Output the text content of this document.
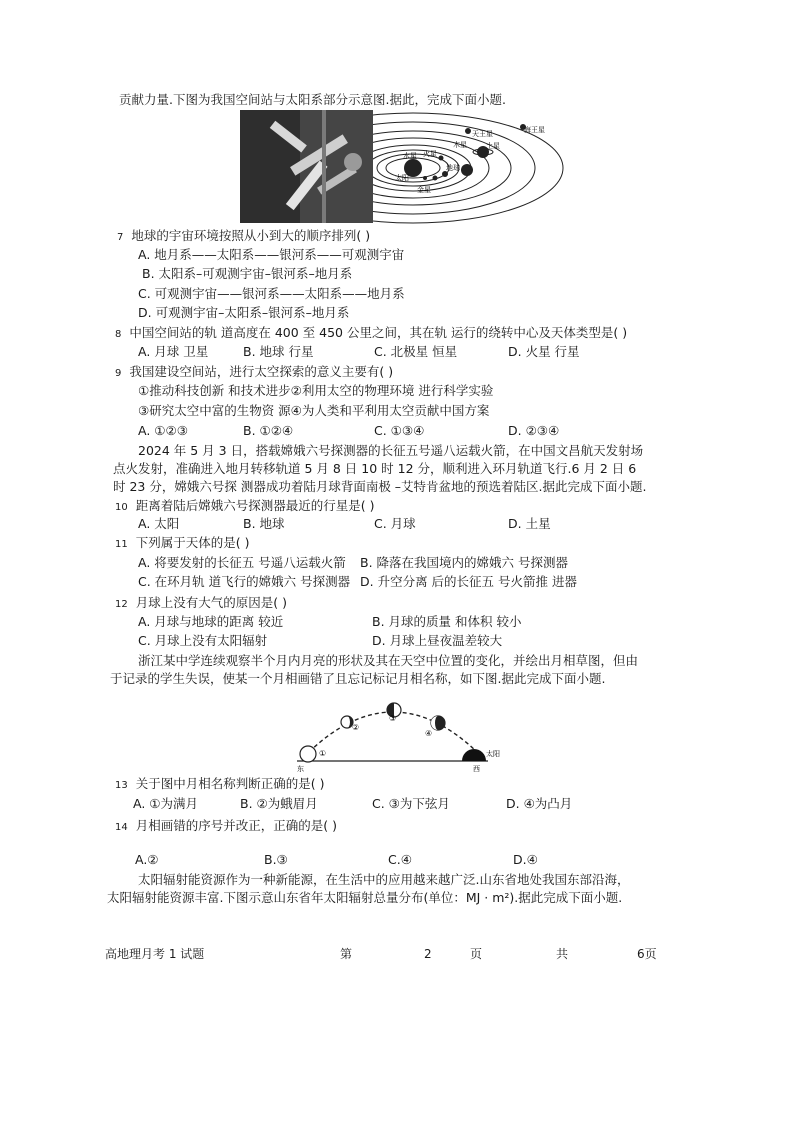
贡献力量.下图为我国空间站与太阳系部分示意图.据此，完成下面小题.
海王星
天王星
土星
木星
火星
地球
金星
水星
太阳
7 地球的宇宙环境按照从小到大的顺序排列( )
A. 地月系——太阳系——银河系——可观测宇宙
B. 太阳系–可观测宇宙–银河系–地月系
C. 可观测宇宙——银河系——太阳系——地月系
D. 可观测宇宙–太阳系–银河系–地月系
8 中国空间站的轨 道高度在 400 至 450 公里之间，其在轨 运行的绕转中心及天体类型是( )
A. 月球 卫星	B. 地球 行星	C. 北极星 恒星	D. 火星 行星
9 我国建设空间站，进行太空探索的意义主要有( )
①推动科技创新 和技术进步②利用太空的物理环境 进行科学实验
③研究太空中富的生物资 源④为人类和平利用太空贡献中国方案
A. ①②③	B. ①②④	C. ①③④	D. ②③④
2024 年 5 月 3 日，搭载嫦娥六号探测器的长征五号遥八运载火箭，在中国文昌航天发射场
点火发射，准确进入地月转移轨道 5 月 8 日 10 时 12 分，顺利进入环月轨道飞行.6 月 2 日 6
时 23 分，嫦娥六号探 测器成功着陆月球背面南极 –艾特肯盆地的预选着陆区.据此完成下面小题.
10 距离着陆后嫦娥六号探测器最近的行星是( )
A. 太阳	B. 地球	C. 月球	D. 土星
11 下列属于天体的是( )
A. 将要发射的长征五 号遥八运载火箭 B. 降落在我国境内的嫦娥六 号探测器
C. 在环月轨 道飞行的嫦娥六 号探测器 D. 升空分离 后的长征五 号火箭推 进器
12 月球上没有大气的原因是( )
A. 月球与地球的距离 较近	B. 月球的质量 和体积 较小
C. 月球上没有太阳辐射	D. 月球上昼夜温差较大
浙江某中学连续观察半个月内月亮的形状及其在天空中位置的变化，并绘出月相草图，但由
于记录的学生失误，使某一个月相画错了且忘记标记月相名称，如下图.据此完成下面小题.
①
②
③
④
东	西
太阳
13 关于图中月相名称判断正确的是( )
A. ①为满月	B. ②为蛾眉月	C. ③为下弦月	D. ④为凸月
14 月相画错的序号并改正，正确的是( )
A.②	B.③	C.④	D.④
太阳辐射能资源作为一种新能源，在生活中的应用越来越广泛.山东省地处我国东部沿海，
太阳辐射能资源丰富.下图示意山东省年太阳辐射总量分布(单位：MJ · m²).据此完成下面小题.
高地理月考 1 试题	第	2	页	共	6页
